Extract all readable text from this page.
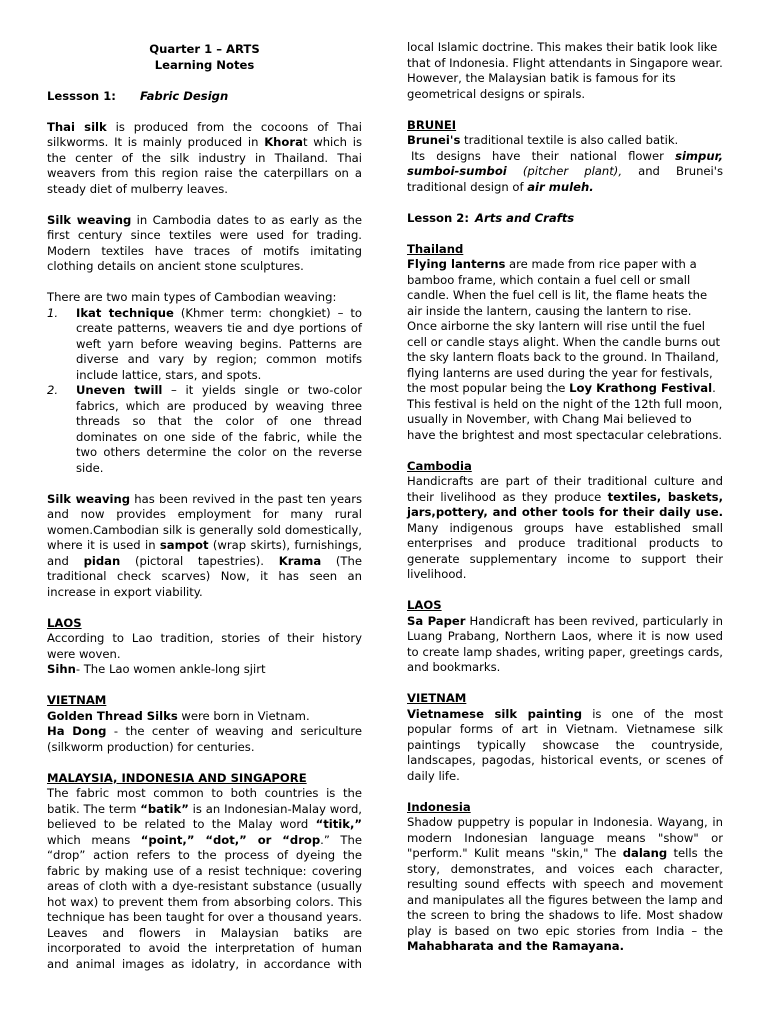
Quarter 1 – ARTS
Learning Notes

Lessson 1: Fabric Design

Thai silk is produced from the cocoons of Thai silkworms. It is mainly produced in Khorat which is the center of the silk industry in Thailand. Thai weavers from this region raise the caterpillars on a steady diet of mulberry leaves.

Silk weaving in Cambodia dates to as early as the first century since textiles were used for trading. Modern textiles have traces of motifs imitating clothing details on ancient stone sculptures.

There are two main types of Cambodian weaving:

1. Ikat technique (Khmer term: chongkiet) – to create patterns, weavers tie and dye portions of weft yarn before weaving begins. Patterns are diverse and vary by region; common motifs include lattice, stars, and spots.
2. Uneven twill – it yields single or two-color fabrics, which are produced by weaving three threads so that the color of one thread dominates on one side of the fabric, while the two others determine the color on the reverse side.

Silk weaving has been revived in the past ten years and now provides employment for many rural women.Cambodian silk is generally sold domestically, where it is used in sampot (wrap skirts), furnishings, and pidan (pictoral tapestries). Krama (The traditional check scarves) Now, it has seen an increase in export viability.

LAOS

According to Lao tradition, stories of their history were woven.

Sihn- The Lao women ankle-long sjirt

VIETNAM

Golden Thread Silks were born in Vietnam.

Ha Dong - the center of weaving and sericulture (silkworm production) for centuries.

MALAYSIA, INDONESIA AND SINGAPORE

The fabric most common to both countries is the batik. The term “batik” is an Indonesian-Malay word, believed to be related to the Malay word “titik,” which means “point,” “dot,” or “drop.” The “drop” action refers to the process of dyeing the fabric by making use of a resist technique: covering areas of cloth with a dye-resistant substance (usually hot wax) to prevent them from absorbing colors. This technique has been taught for over a thousand years. Leaves and flowers in Malaysian batiks are incorporated to avoid the interpretation of human and animal images as idolatry, in accordance with

local Islamic doctrine. This makes their batik look like that of Indonesia. Flight attendants in Singapore wear. However, the Malaysian batik is famous for its geometrical designs or spirals.

BRUNEI

Brunei's traditional textile is also called batik.

Its designs have their national flower simpur, sumboi-sumboi (pitcher plant), and Brunei's traditional design of air muleh.

Lesson 2: Arts and Crafts

Thailand

Flying lanterns are made from rice paper with a bamboo frame, which contain a fuel cell or small candle. When the fuel cell is lit, the flame heats the air inside the lantern, causing the lantern to rise. Once airborne the sky lantern will rise until the fuel cell or candle stays alight. When the candle burns out the sky lantern floats back to the ground. In Thailand, flying lanterns are used during the year for festivals, the most popular being the Loy Krathong Festival. This festival is held on the night of the 12th full moon, usually in November, with Chang Mai believed to have the brightest and most spectacular celebrations.

Cambodia

Handicrafts are part of their traditional culture and their livelihood as they produce textiles, baskets, jars,pottery, and other tools for their daily use. Many indigenous groups have established small enterprises and produce traditional products to generate supplementary income to support their livelihood.

LAOS

Sa Paper Handicraft has been revived, particularly in Luang Prabang, Northern Laos, where it is now used to create lamp shades, writing paper, greetings cards, and bookmarks.

VIETNAM

Vietnamese silk painting is one of the most popular forms of art in Vietnam. Vietnamese silk paintings typically showcase the countryside, landscapes, pagodas, historical events, or scenes of daily life.

Indonesia

Shadow puppetry is popular in Indonesia. Wayang, in modern Indonesian language means "show" or "perform." Kulit means "skin," The dalang tells the story, demonstrates, and voices each character, resulting sound effects with speech and movement and manipulates all the figures between the lamp and the screen to bring the shadows to life. Most shadow play is based on two epic stories from India – the Mahabharata and the Ramayana.
